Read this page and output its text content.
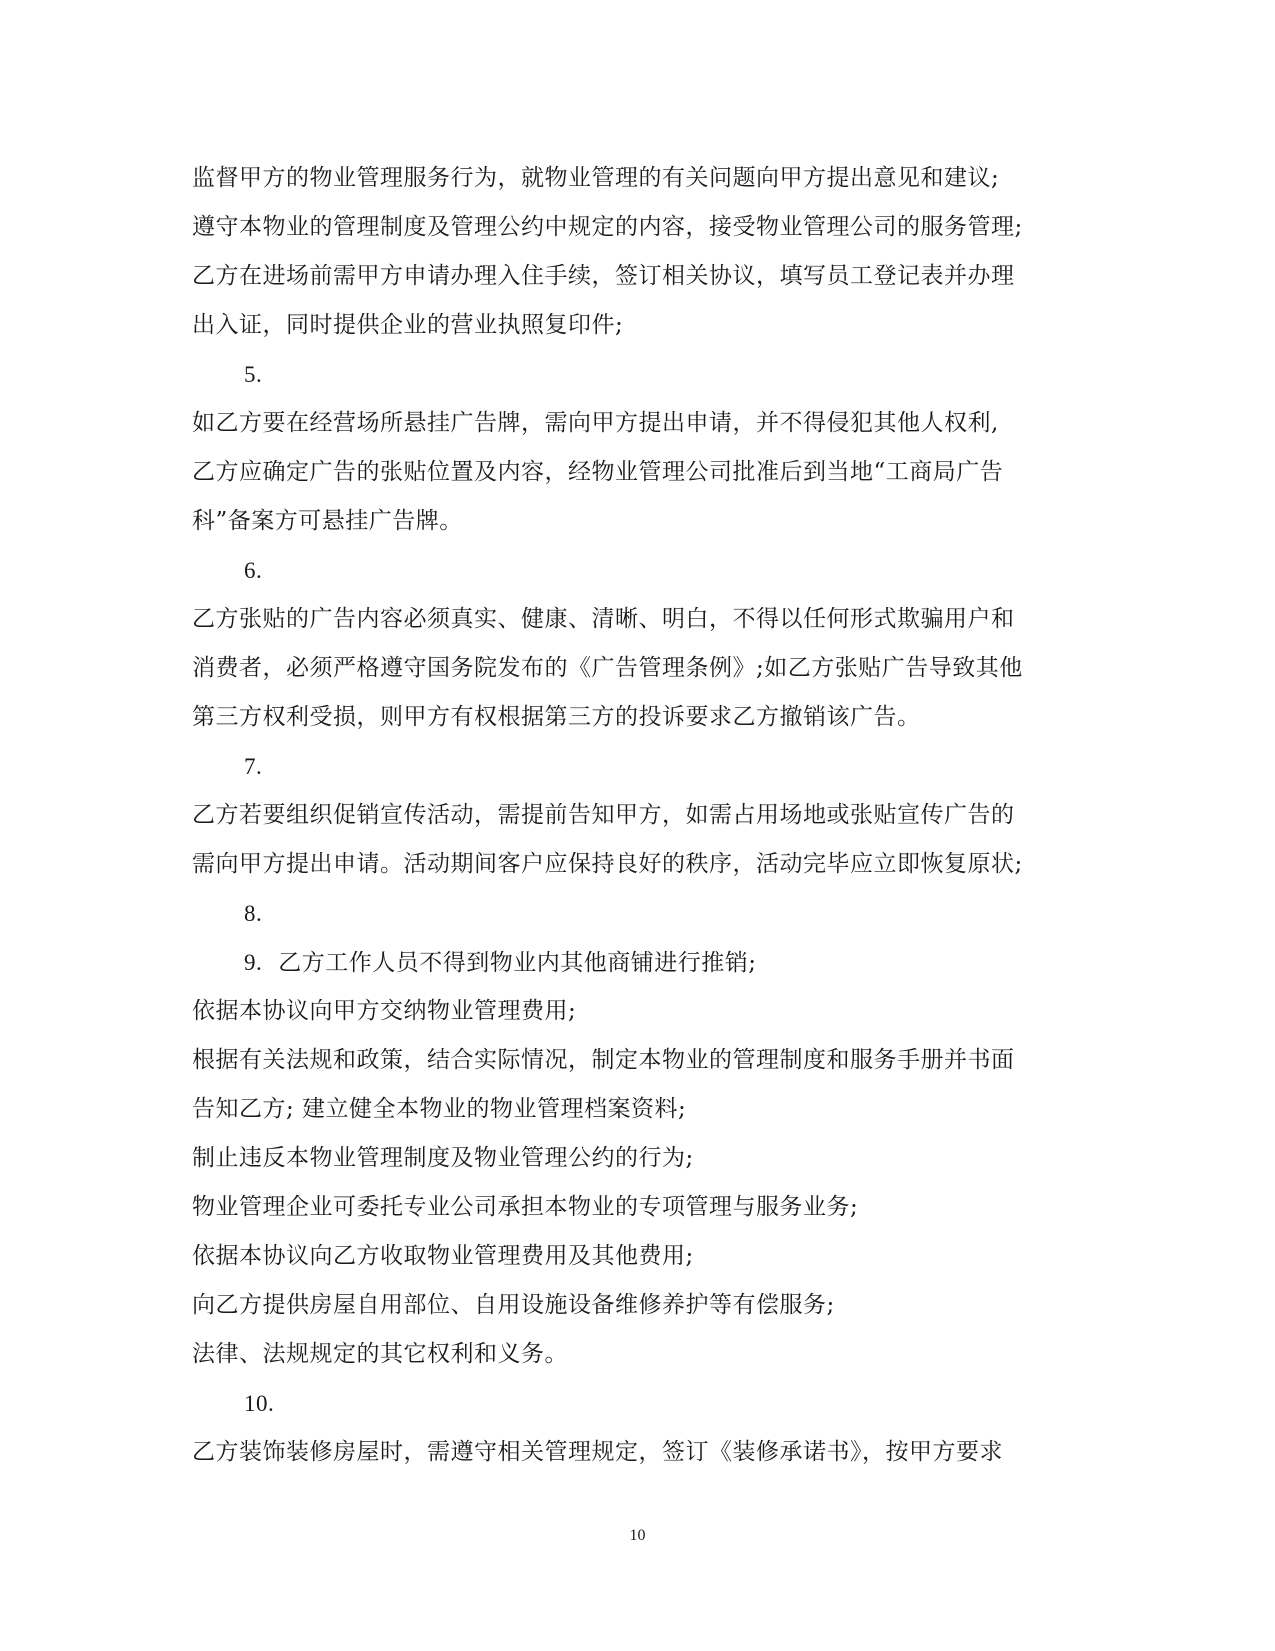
监督甲方的物业管理服务行为，就物业管理的有关问题向甲方提出意见和建议;
遵守本物业的管理制度及管理公约中规定的内容，接受物业管理公司的服务管理;
乙方在进场前需甲方申请办理入住手续，签订相关协议，填写员工登记表并办理
出入证，同时提供企业的营业执照复印件;
5.
如乙方要在经营场所悬挂广告牌，需向甲方提出申请，并不得侵犯其他人权利,
乙方应确定广告的张贴位置及内容，经物业管理公司批准后到当地“工商局广告
科”备案方可悬挂广告牌。
6.
乙方张贴的广告内容必须真实、健康、清晰、明白，不得以任何形式欺骗用户和
消费者，必须严格遵守国务院发布的《广告管理条例》;如乙方张贴广告导致其他
第三方权利受损，则甲方有权根据第三方的投诉要求乙方撤销该广告。
7.
乙方若要组织促销宣传活动，需提前告知甲方，如需占用场地或张贴宣传广告的
需向甲方提出申请。活动期间客户应保持良好的秩序，活动完毕应立即恢复原状;
8.
9. 乙方工作人员不得到物业内其他商铺进行推销;
依据本协议向甲方交纳物业管理费用;
根据有关法规和政策，结合实际情况，制定本物业的管理制度和服务手册并书面
告知乙方; 建立健全本物业的物业管理档案资料;
制止违反本物业管理制度及物业管理公约的行为;
物业管理企业可委托专业公司承担本物业的专项管理与服务业务;
依据本协议向乙方收取物业管理费用及其他费用;
向乙方提供房屋自用部位、自用设施设备维修养护等有偿服务;
法律、法规规定的其它权利和义务。
10.
乙方装饰装修房屋时，需遵守相关管理规定，签订《装修承诺书》，按甲方要求
10
